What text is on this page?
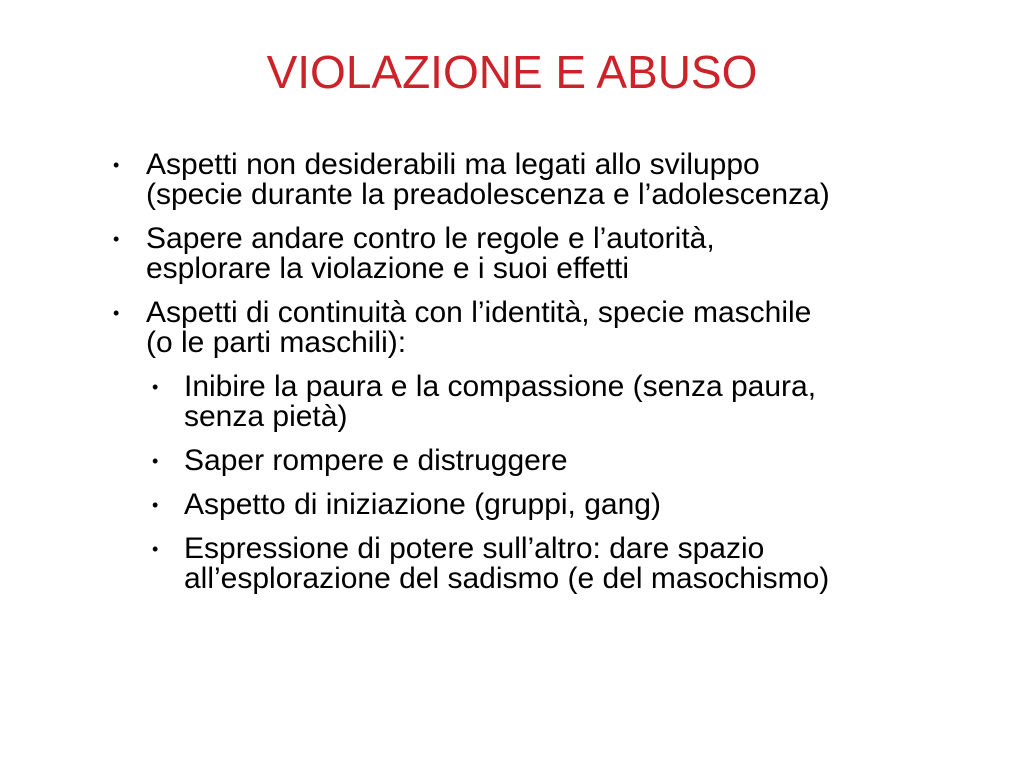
VIOLAZIONE E ABUSO
• Aspetti non desiderabili ma legati allo sviluppo
(specie durante la preadolescenza e l’adolescenza)
• Sapere andare contro le regole e l’autorità,
esplorare la violazione e i suoi effetti
• Aspetti di continuità con l’identità, specie maschile
(o le parti maschili):
• Inibire la paura e la compassione (senza paura,
senza pietà)
• Saper rompere e distruggere
• Aspetto di iniziazione (gruppi, gang)
• Espressione di potere sull’altro: dare spazio
all’esplorazione del sadismo (e del masochismo)
